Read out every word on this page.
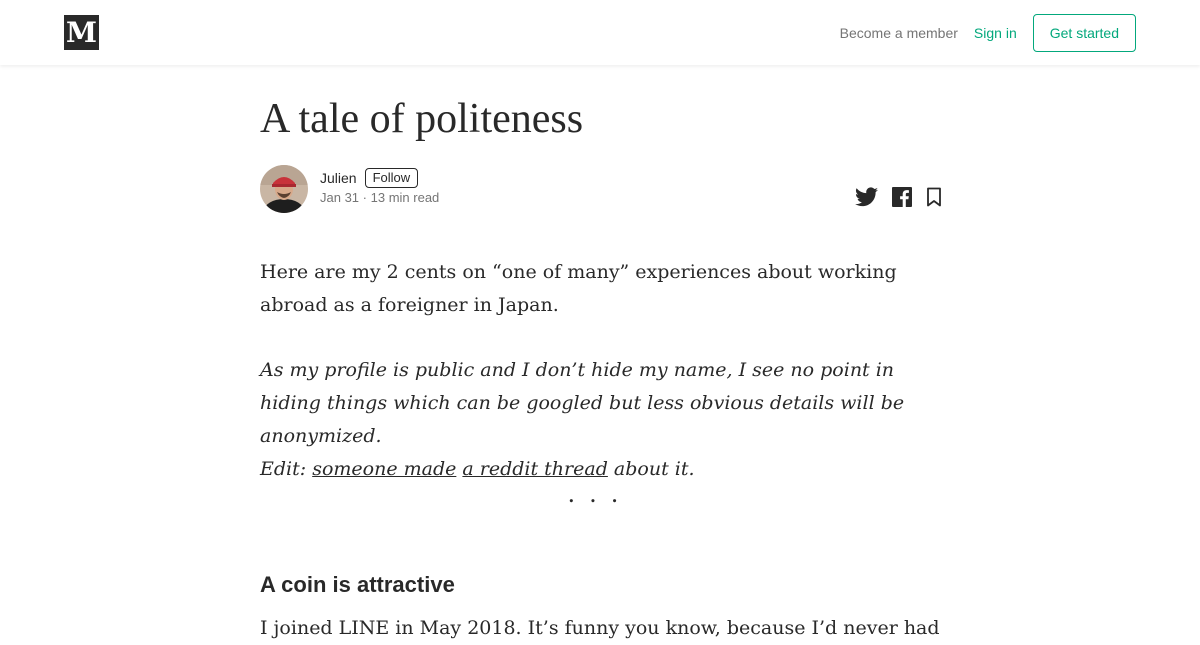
M	Become a member Sign in	Get started
A tale of politeness
Julien	Follow
Jan 31 · 13 min read

Here are my 2 cents on “one of many” experiences about working abroad as a foreigner in Japan.

As my profile is public and I don’t hide my name, I see no point in hiding things which can be googled but less obvious details will be anonymized.
Edit: someone made a reddit thread about it.

...
A coin is attractive

I joined LINE in May 2018. It’s funny you know, because I’d never had
